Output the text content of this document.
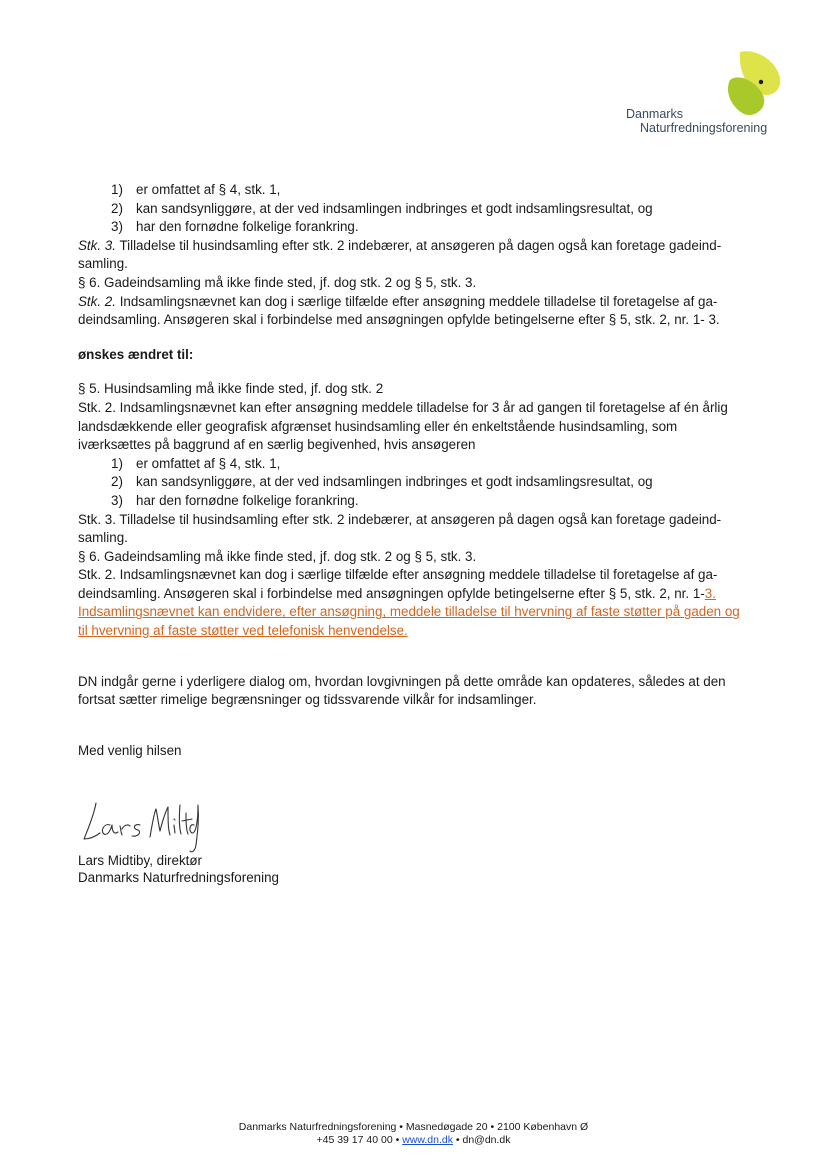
Danmarks
Naturfredningsforening
1) er omfattet af § 4, stk. 1,
2) kan sandsynliggøre, at der ved indsamlingen indbringes et godt indsamlingsresultat, og
3) har den fornødne folkelige forankring.

Stk. 3. Tilladelse til husindsamling efter stk. 2 indebærer, at ansøgeren på dagen også kan foretage gadeind-samling.

§ 6. Gadeindsamling må ikke finde sted, jf. dog stk. 2 og § 5, stk. 3.

Stk. 2. Indsamlingsnævnet kan dog i særlige tilfælde efter ansøgning meddele tilladelse til foretagelse af ga-deindsamling. Ansøgeren skal i forbindelse med ansøgningen opfylde betingelserne efter § 5, stk. 2, nr. 1- 3.

ønskes ændret til:

§ 5. Husindsamling må ikke finde sted, jf. dog stk. 2

Stk. 2. Indsamlingsnævnet kan efter ansøgning meddele tilladelse for 3 år ad gangen til foretagelse af én årlig landsdækkende eller geografisk afgrænset husindsamling eller én enkeltstående husindsamling, som iværksættes på baggrund af en særlig begivenhed, hvis ansøgeren

1) er omfattet af § 4, stk. 1,
2) kan sandsynliggøre, at der ved indsamlingen indbringes et godt indsamlingsresultat, og
3) har den fornødne folkelige forankring.

Stk. 3. Tilladelse til husindsamling efter stk. 2 indebærer, at ansøgeren på dagen også kan foretage gadeind-samling.

§ 6. Gadeindsamling må ikke finde sted, jf. dog stk. 2 og § 5, stk. 3.

Stk. 2. Indsamlingsnævnet kan dog i særlige tilfælde efter ansøgning meddele tilladelse til foretagelse af ga-deindsamling. Ansøgeren skal i forbindelse med ansøgningen opfylde betingelserne efter § 5, stk. 2, nr. 1-3. Indsamlingsnævnet kan endvidere, efter ansøgning, meddele tilladelse til hvervning af faste støtter på gaden og til hvervning af faste støtter ved telefonisk henvendelse.

DN indgår gerne i yderligere dialog om, hvordan lovgivningen på dette område kan opdateres, således at den fortsat sætter rimelige begrænsninger og tidssvarende vilkår for indsamlinger.

Med venlig hilsen

Lars Midtiby, direktør
Danmarks Naturfredningsforening
Danmarks Naturfredningsforening • Masnedøgade 20 • 2100 København Ø
+45 39 17 40 00 • www.dn.dk • dn@dn.dk
